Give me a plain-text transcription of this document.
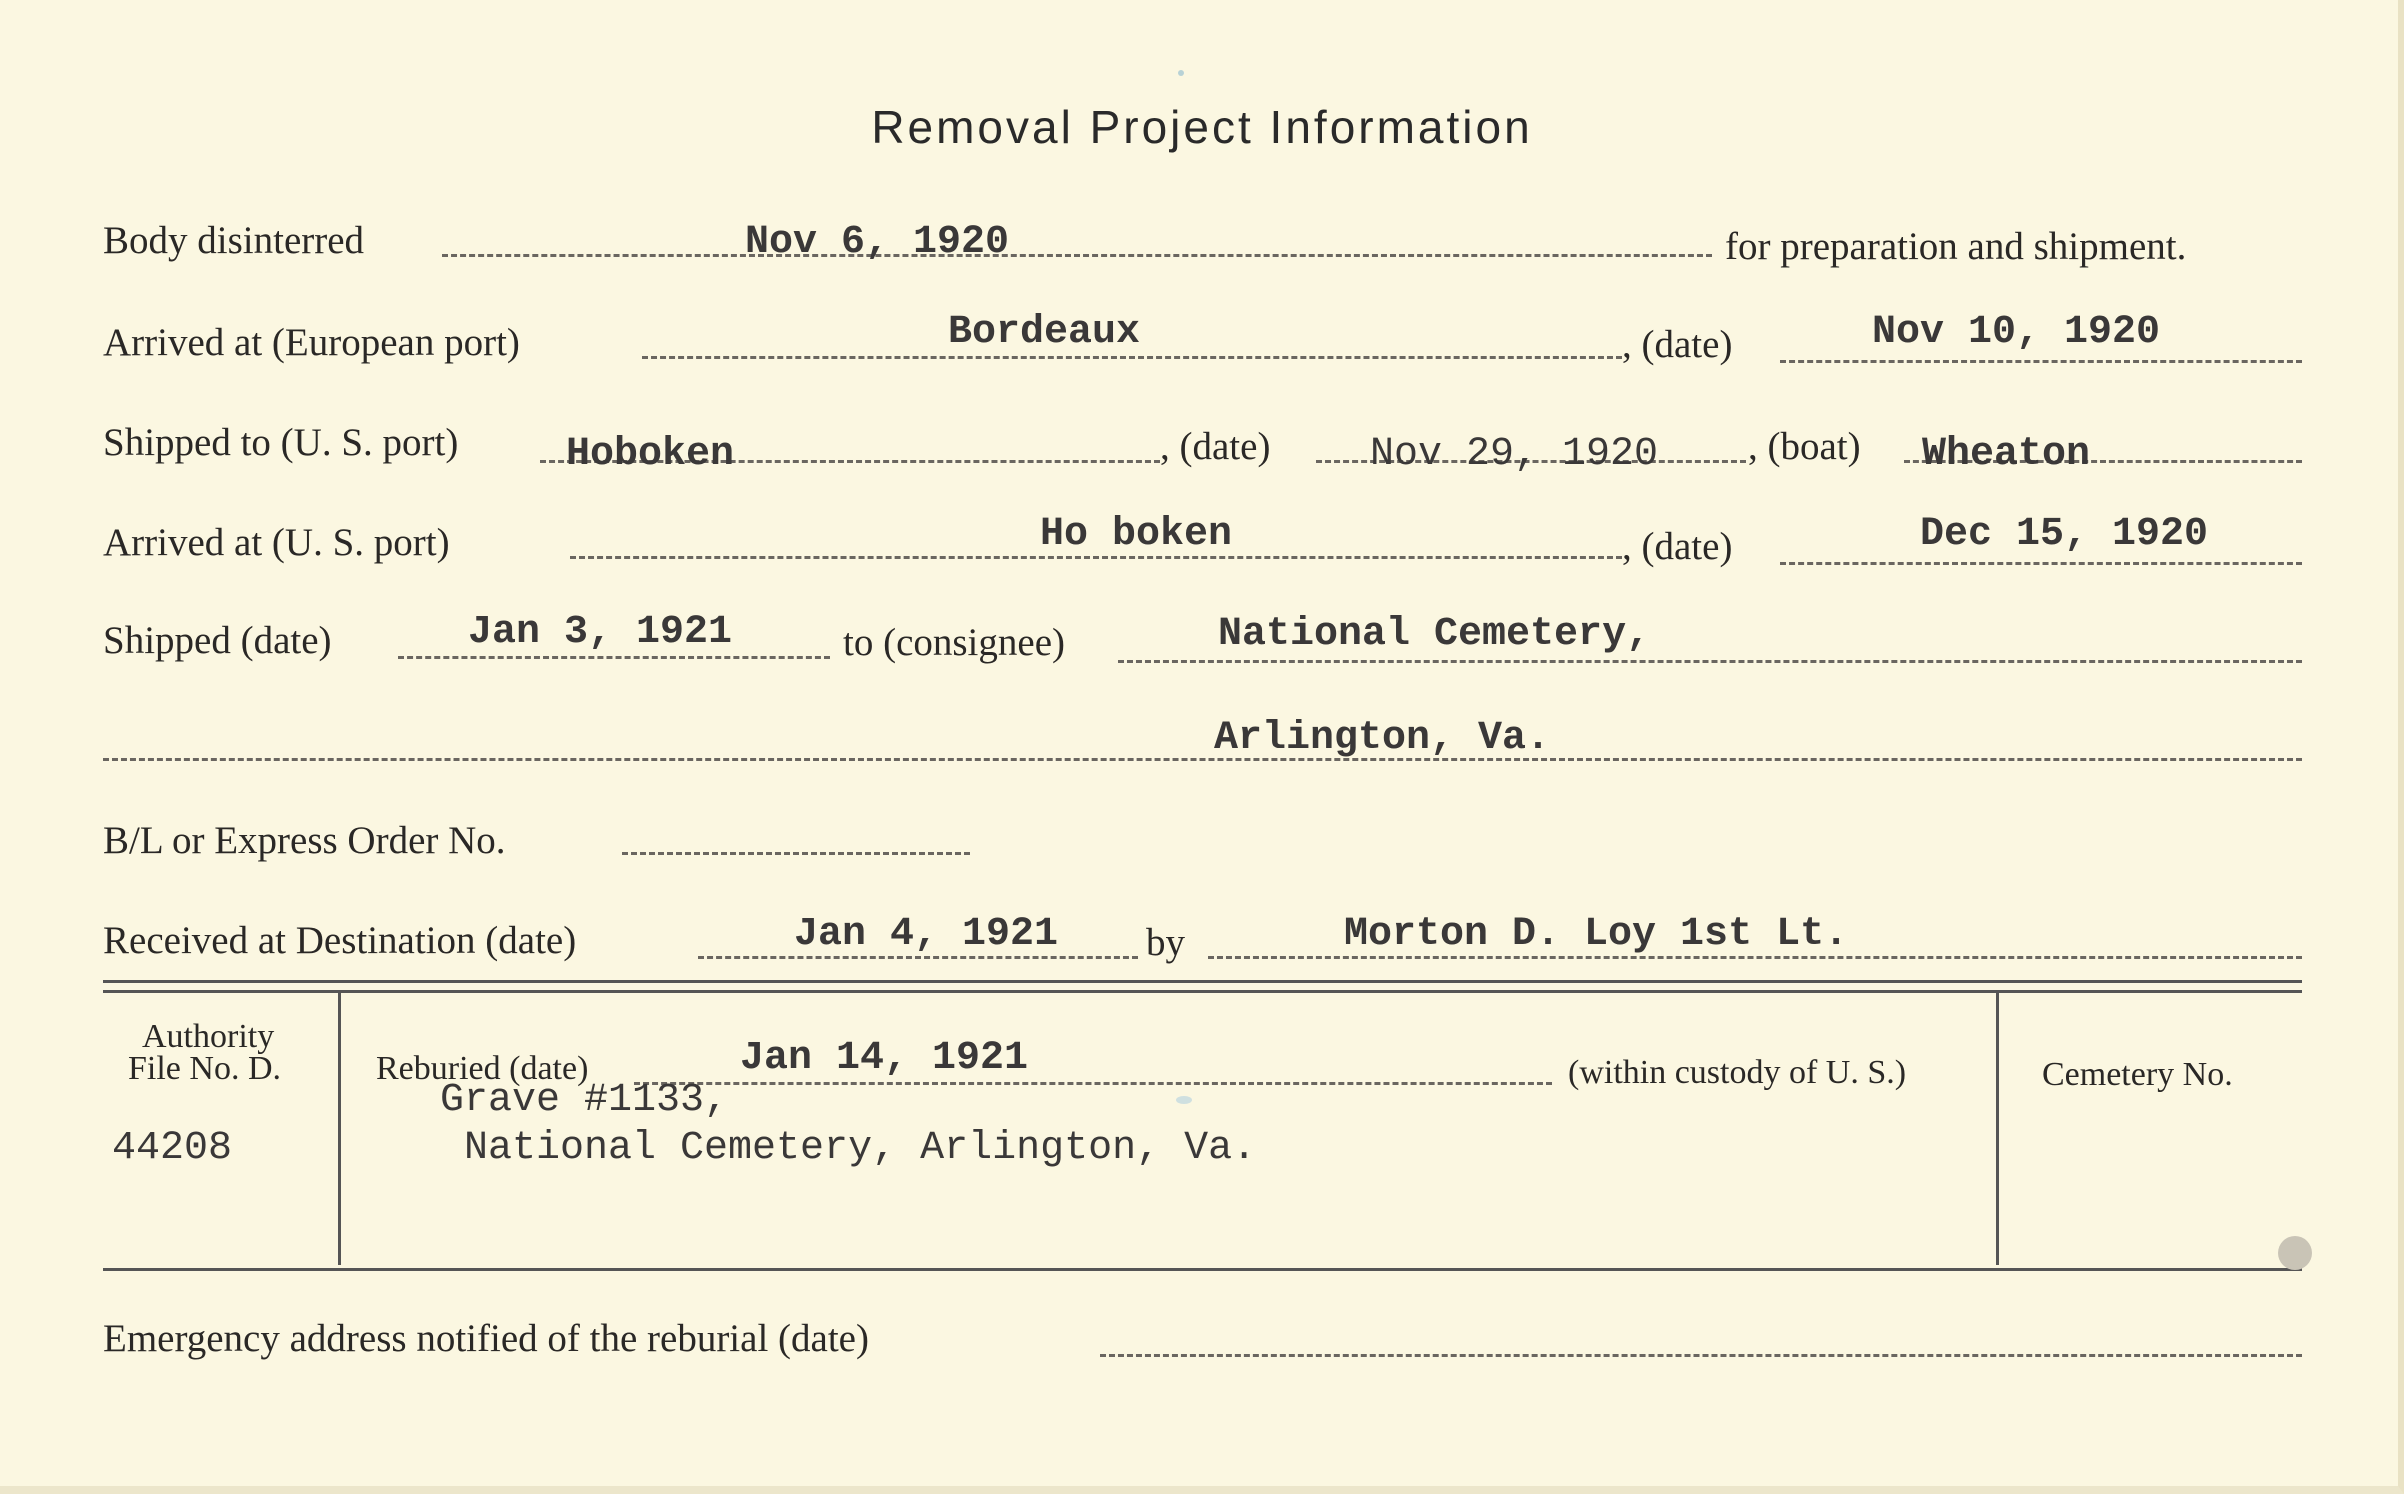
Removal Project Information
Body disinterred	Nov 6, 1920	for preparation and shipment.
Arrived at (European port)	Bordeaux	, (date)	Nov 10, 1920
Shipped to (U. S. port)	Hoboken	, (date) Nov 29, 1920 , (boat) Wheaton
Arrived at (U. S. port)	Ho boken	, (date)	Dec 15, 1920
Shipped (date)	Jan 3, 1921	to (consignee)	National Cemetery,
Arlington, Va.
B/L or Express Order No.
Received at Destination (date)	Jan 4, 1921 by	Morton D. Loy 1st Lt.
Authority
File No. D.
44208
Reburied (date)	Jan 14, 1921
Grave #1133,
National Cemetery, Arlington, Va.
(within custody of U. S.)	Cemetery No.
Emergency address notified of the reburial (date)
